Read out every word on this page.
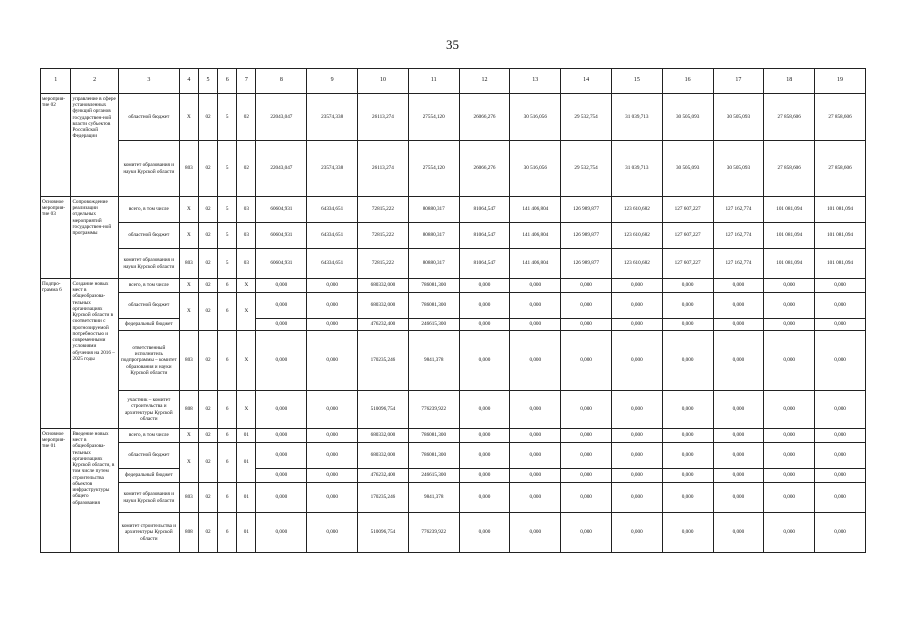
35
1	2	3	4	5	6	7	8	9	10	11	12	13	14	15	16	17	18	19
мероприя-тие 02	управление в сфере установленных функций органов государствен-ной власти субъектов Российской Федерации	областной бюджет	Х	02	5	02	22043,047	23574,338	26113,274	27554,120	26066,276	30 516,056	29 532,754	31 039,713	30 505,093	30 505,093	27 858,606	27 858,606
		комитет образования и науки Курской области	803	02	5	02	22043,047	23574,338	26113,274	27554,120	26066,276	30 516,056	29 532,754	31 039,713	30 505,093	30 505,093	27 858,606	27 858,606
Основное мероприя-тие 03	Сопровождение реализации отдельных мероприятий государствен-ной программы	всего, в том числе	Х	02	5	03	60604,931	64334,651	72815,222	80880,317	81064,547	141 406,804	126 989,877	123 610,682	127 607,227	127 162,774	101 081,094	101 081,094
		областной бюджет	Х	02	5	03	60604,931	64334,651	72815,222	80880,317	81064,547	141 406,804	126 989,877	123 610,682	127 607,227	127 162,774	101 081,094	101 081,094
		комитет образования и науки Курской области	803	02	5	03	60604,931	64334,651	72815,222	80880,317	81064,547	141 406,804	126 989,877	123 610,682	127 607,227	127 162,774	101 081,094	101 081,094
Подпро-грамма 6	Создание новых мест в общеобразова-тельных организациях Курской области в соответствии с прогнозируемой потребностью и современными условиями обучения на 2016 – 2025 годы	всего, в том числе	Х	02	6	Х	0,000	0,000	680332,000	786081,300	0,000	0,000	0,000	0,000	0,000	0,000	0,000	0,000
		областной бюджет	Х	02	6	Х	0,000	0,000	680332,000	786081,300	0,000	0,000	0,000	0,000	0,000	0,000	0,000	0,000
		федеральный бюджет					0,000	0,000	476232,400	246615,300	0,000	0,000	0,000	0,000	0,000	0,000	0,000	0,000
		ответственный исполнитель подпрограммы – комитет образования и науки Курской области	803	02	6	Х	0,000	0,000	170235,246	9841,378	0,000	0,000	0,000	0,000	0,000	0,000	0,000	0,000
		участник – комитет строительства и архитектуры Курской области	808	02	6	Х	0,000	0,000	510096,754	776239,922	0,000	0,000	0,000	0,000	0,000	0,000	0,000	0,000
Основное мероприя-тие 01	Введение новых мест в общеобразова-тельных организациях Курской области, в том числе путем строительства объектов инфраструктуры общего образования	всего, в том числе	Х	02	6	01	0,000	0,000	680332,000	786081,300	0,000	0,000	0,000	0,000	0,000	0,000	0,000	0,000
		областной бюджет	Х	02	6	01	0,000	0,000	680332,000	786081,300	0,000	0,000	0,000	0,000	0,000	0,000	0,000	0,000
		федеральный бюджет					0,000	0,000	476232,400	246615,300	0,000	0,000	0,000	0,000	0,000	0,000	0,000	0,000
		комитет образования и науки Курской области	803	02	6	01	0,000	0,000	170235,246	9841,378	0,000	0,000	0,000	0,000	0,000	0,000	0,000	0,000
		комитет строительства и архитектуры Курской области	808	02	6	01	0,000	0,000	510096,754	776239,922	0,000	0,000	0,000	0,000	0,000	0,000	0,000	0,000
